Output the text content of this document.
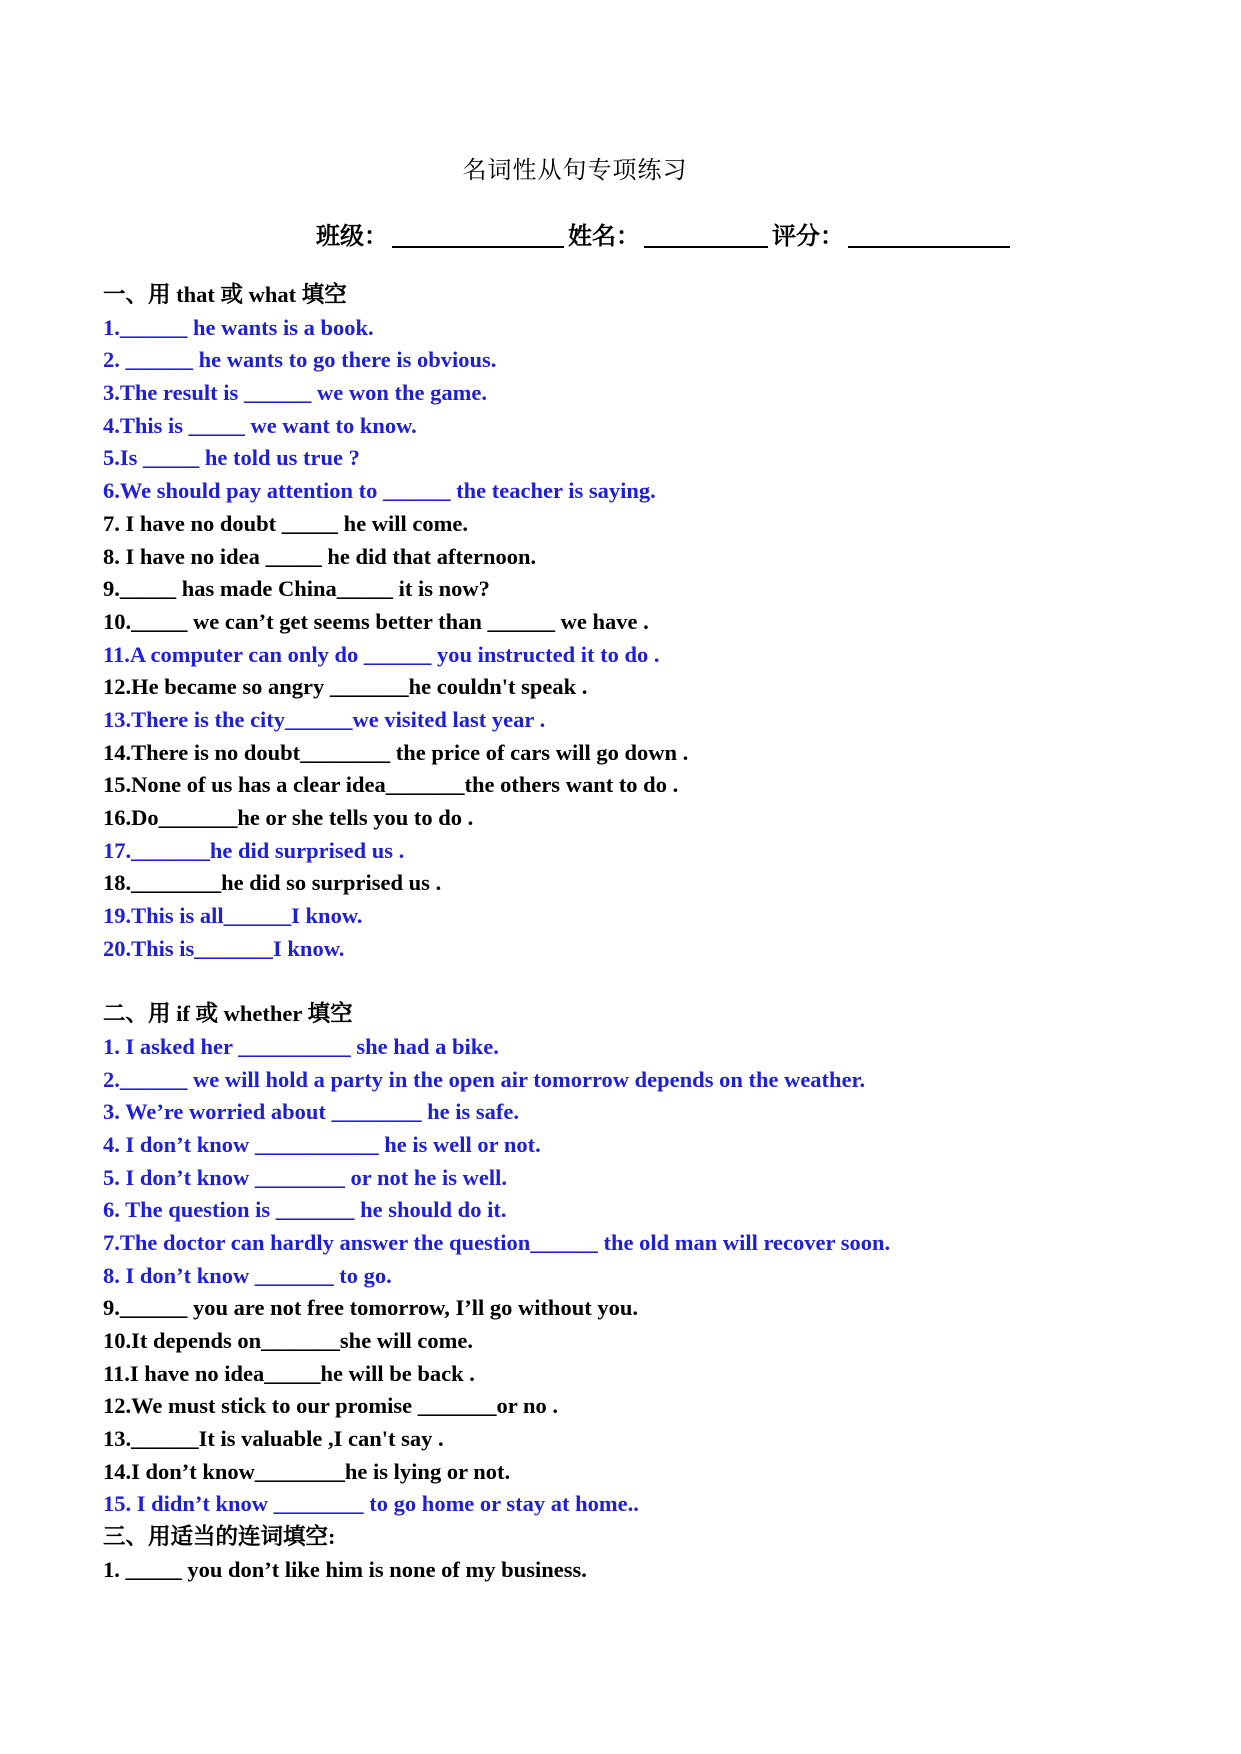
名词性从句专项练习
班级：	姓名：	评分：
一、用 that 或 what 填空
1.______ he wants is a book.
2. ______ he wants to go there is obvious.
3.The result is ______ we won the game.
4.This is _____ we want to know.
5.Is _____ he told us true ?
6.We should pay attention to ______ the teacher is saying.
7. I have no doubt _____ he will come.
8. I have no idea _____ he did that afternoon.
9._____ has made China_____ it is now?
10._____ we can’t get seems better than ______ we have .
11.A computer can only do ______ you instructed it to do .
12.He became so angry _______he couldn't speak .
13.There is the city______we visited last year .
14.There is no doubt________ the price of cars will go down .
15.None of us has a clear idea_______the others want to do .
16.Do_______he or she tells you to do .
17._______he did surprised us .
18.________he did so surprised us .
19.This is all______I know.
20.This is_______I know.
二、用 if 或 whether 填空
1. I asked her __________ she had a bike.
2.______ we will hold a party in the open air tomorrow depends on the weather.
3. We’re worried about ________ he is safe.
4. I don’t know ___________ he is well or not.
5. I don’t know ________ or not he is well.
6. The question is _______ he should do it.
7.The doctor can hardly answer the question______ the old man will recover soon.
8. I don’t know _______ to go.
9.______ you are not free tomorrow, I’ll go without you.
10.It depends on_______she will come.
11.I have no idea_____he will be back .
12.We must stick to our promise _______or no .
13.______It is valuable ,I can't say .
14.I don’t know________he is lying or not.
15. I didn’t know ________ to go home or stay at home..
三、用适当的连词填空:
1. _____ you don’t like him is none of my business.
